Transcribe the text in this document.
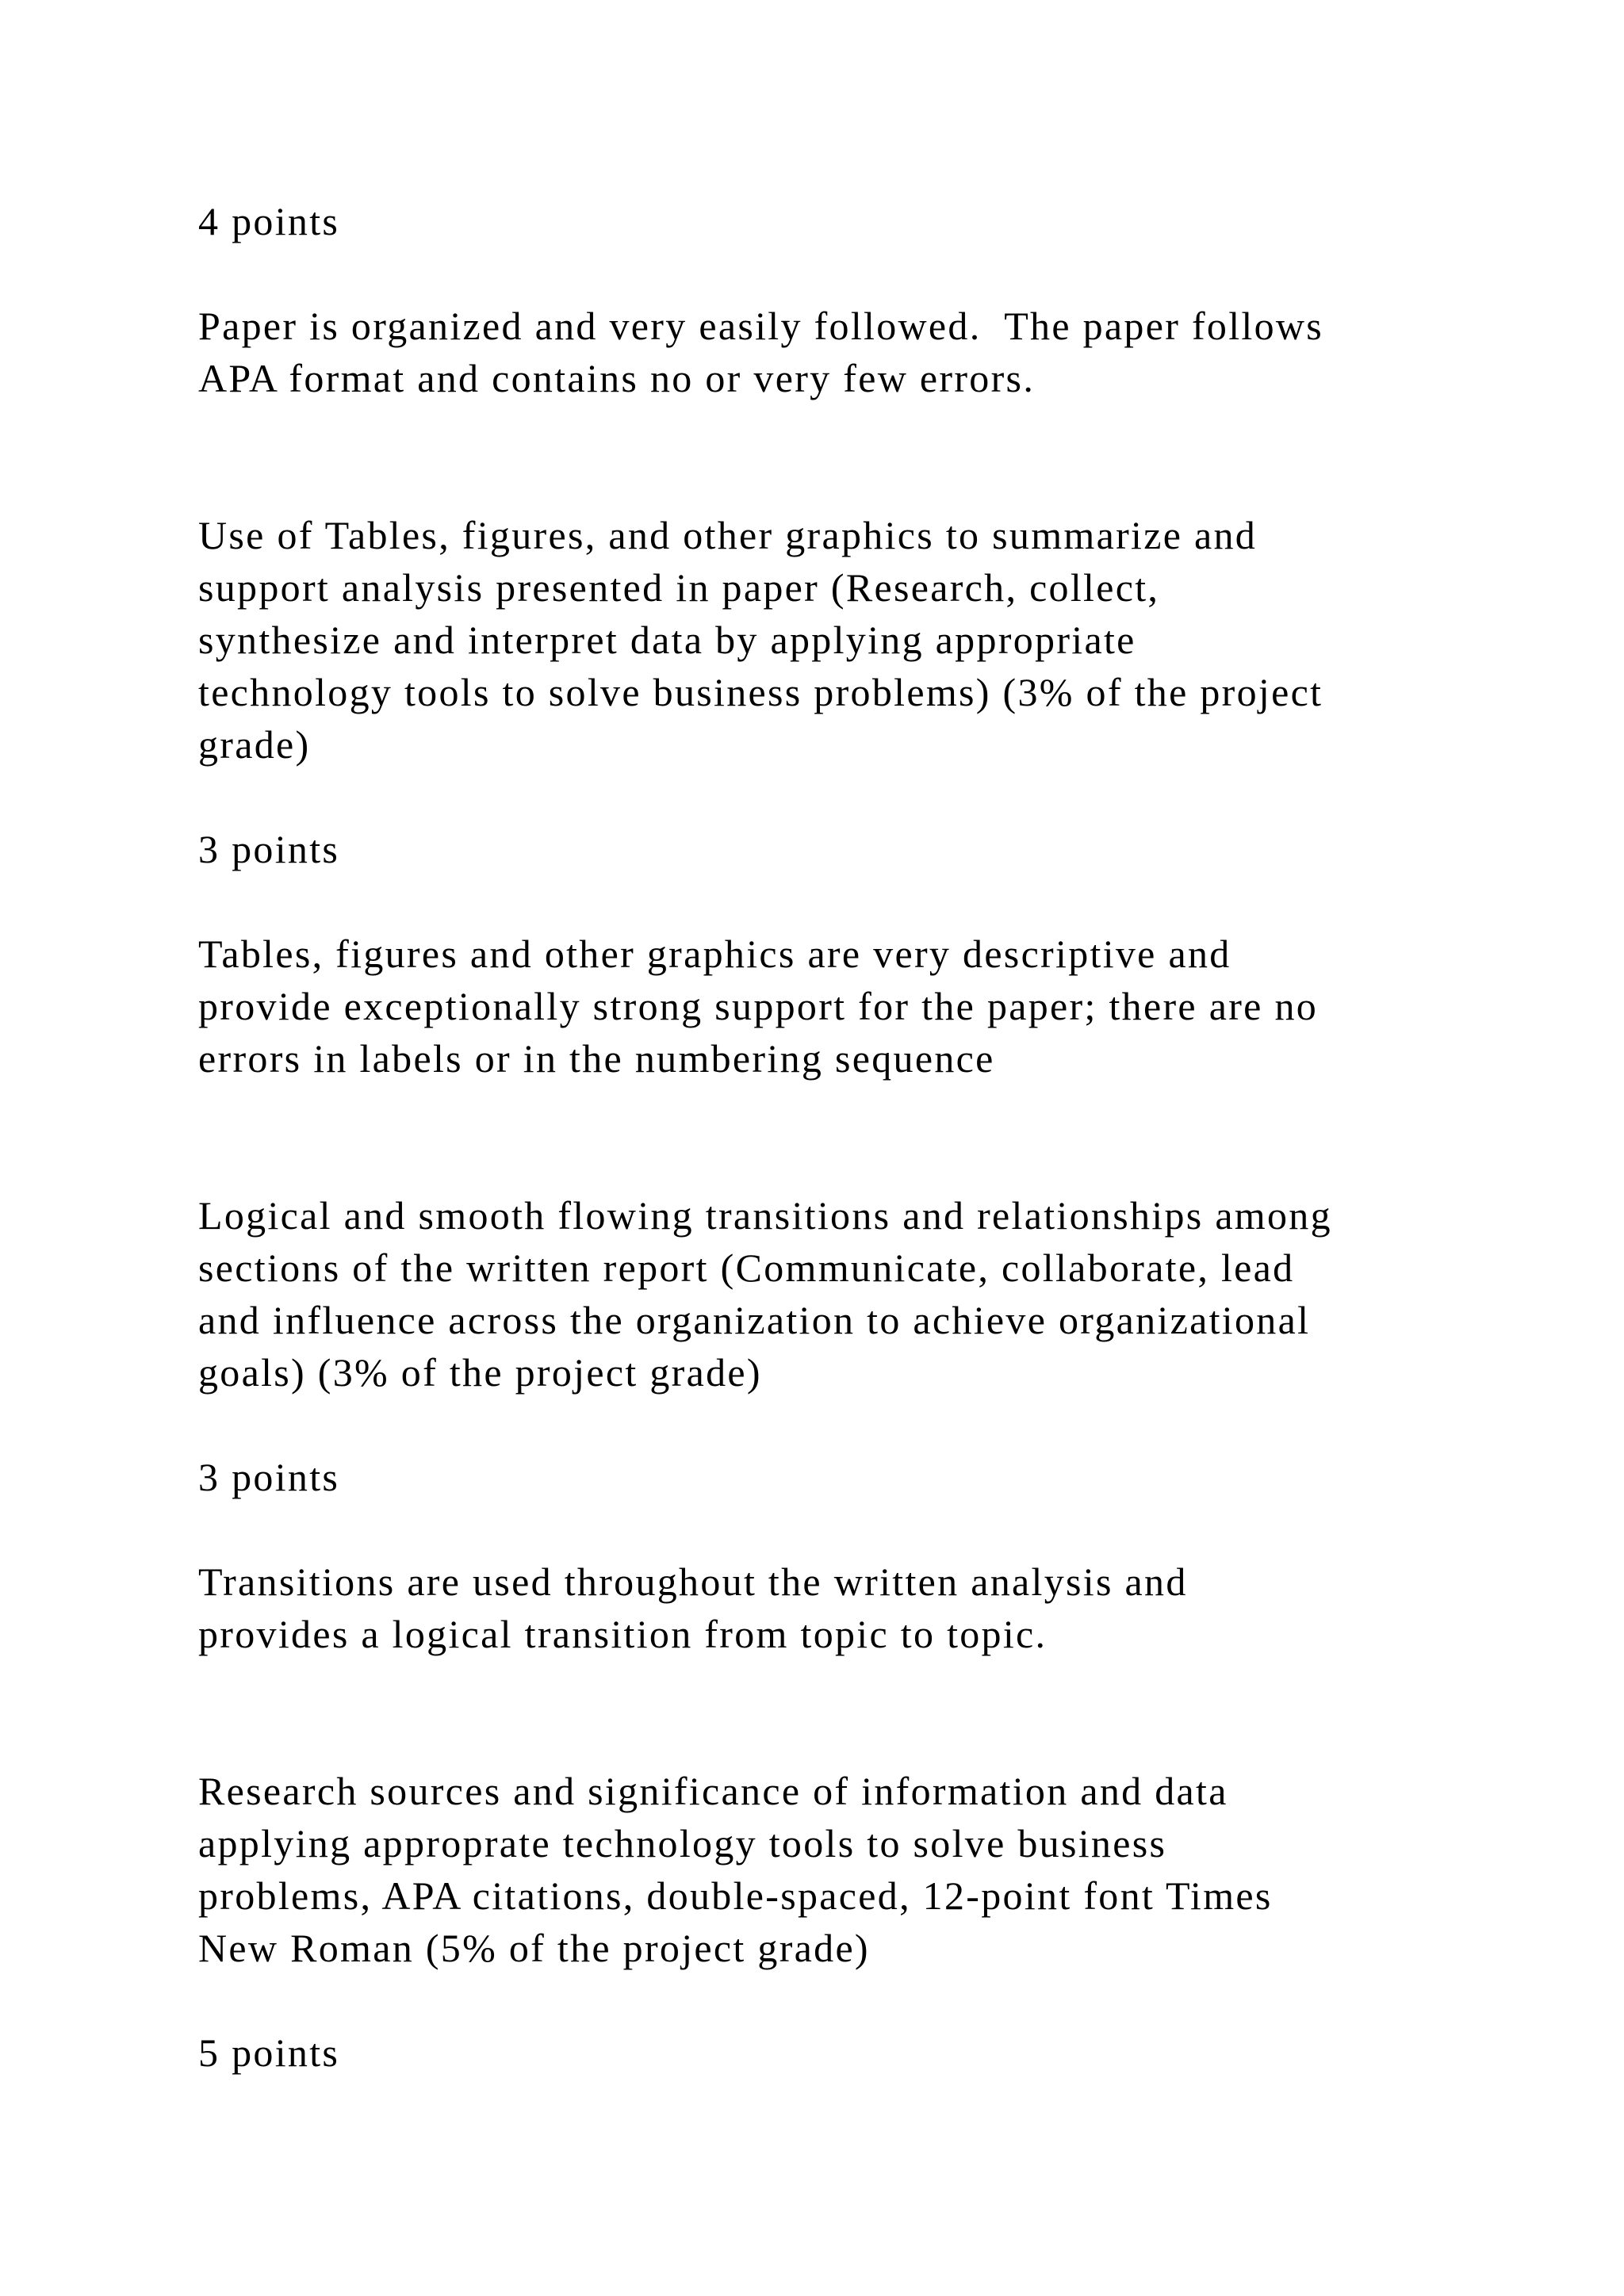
4 points

Paper is organized and very easily followed.  The paper follows

APA format and contains no or very few errors.

Use of Tables, figures, and other graphics to summarize and

support analysis presented in paper (Research, collect,

synthesize and interpret data by applying appropriate

technology tools to solve business problems) (3% of the project

grade)

3 points

Tables, figures and other graphics are very descriptive and

provide exceptionally strong support for the paper; there are no

errors in labels or in the numbering sequence

Logical and smooth flowing transitions and relationships among

sections of the written report (Communicate, collaborate, lead

and influence across the organization to achieve organizational

goals) (3% of the project grade)

3 points

Transitions are used throughout the written analysis and

provides a logical transition from topic to topic.

Research sources and significance of information and data

applying approprate technology tools to solve business

problems, APA citations, double-spaced, 12-point font Times

New Roman (5% of the project grade)

5 points
